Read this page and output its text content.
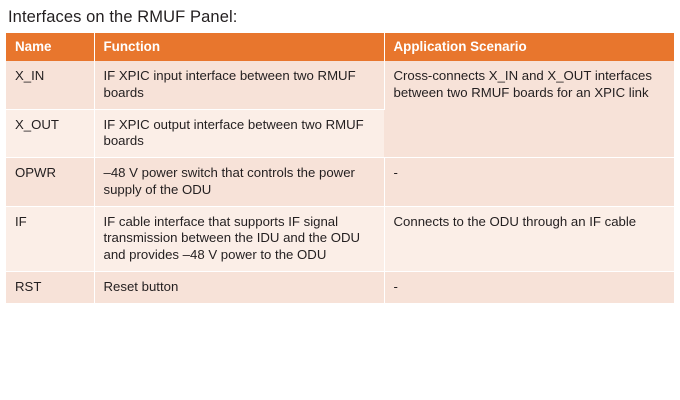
Interfaces on the RMUF Panel:
Name	Function	Application Scenario
X_IN	IF XPIC input interface between two RMUF boards	Cross-connects X_IN and X_OUT interfaces between two RMUF boards for an XPIC link
X_OUT	IF XPIC output interface between two RMUF boards	
OPWR	–48 V power switch that controls the power supply of the ODU	-
IF	IF cable interface that supports IF signal transmission between the IDU and the ODU and provides –48 V power to the ODU	Connects to the ODU through an IF cable
RST	Reset button	-
